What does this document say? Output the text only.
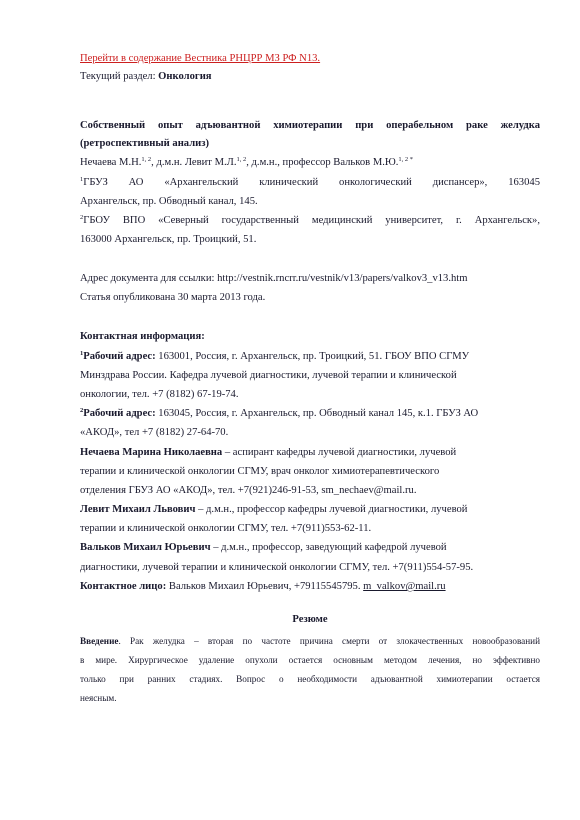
Перейти в содержание Вестника РНЦРР МЗ РФ N13.
Текущий раздел: Онкология
Собственный опыт адъювантной химиотерапии при операбельном раке желудка
(ретроспективный анализ)
Нечаева М.Н.$^{1, 2}$, д.м.н. Левит М.Л.$^{1, 2}$, д.м.н., профессор Вальков М.Ю.$^{1, 2 *}$
$^1$ГБУЗ АО «Архангельский клинический онкологический диспансер», 163045
Архангельск, пр. Обводный канал, 145.
$^2$ГБОУ ВПО «Северный государственный медицинский университет, г. Архангельск»,
163000 Архангельск, пр. Троицкий, 51.
Адрес документа для ссылки: http://vestnik.rncrr.ru/vestnik/v13/papers/valkov3_v13.htm
Статья опубликована 30 марта 2013 года.
Контактная информация:
$^1$Рабочий адрес: 163001, Россия, г. Архангельск, пр. Троицкий, 51. ГБОУ ВПО СГМУ
Минздрава России. Кафедра лучевой диагностики, лучевой терапии и клинической
онкологии, тел. +7 (8182) 67-19-74.
$^2$Рабочий адрес: 163045, Россия, г. Архангельск, пр. Обводный канал 145, к.1. ГБУЗ АО
«АКОД», тел +7 (8182) 27-64-70.
Нечаева Марина Николаевна – аспирант кафедры лучевой диагностики, лучевой
терапии и клинической онкологии СГМУ, врач онколог химиотерапевтического
отделения ГБУЗ АО «АКОД», тел. +7(921)246-91-53, sm_nechaev@mail.ru.
Левит Михаил Львович – д.м.н., профессор кафедры лучевой диагностики, лучевой
терапии и клинической онкологии СГМУ, тел. +7(911)553-62-11.
Вальков Михаил Юрьевич – д.м.н., профессор, заведующий кафедрой лучевой
диагностики, лучевой терапии и клинической онкологии СГМУ, тел. +7(911)554-57-95.
Контактное лицо: Вальков Михаил Юрьевич, +79115545795. m_valkov@mail.ru
Резюме
Введение. Рак желудка – вторая по частоте причина смерти от злокачественных новообразований
в мире. Хирургическое удаление опухоли остается основным методом лечения, но эффективно
только при ранних стадиях. Вопрос о необходимости адъювантной химиотерапии остается
неясным.
